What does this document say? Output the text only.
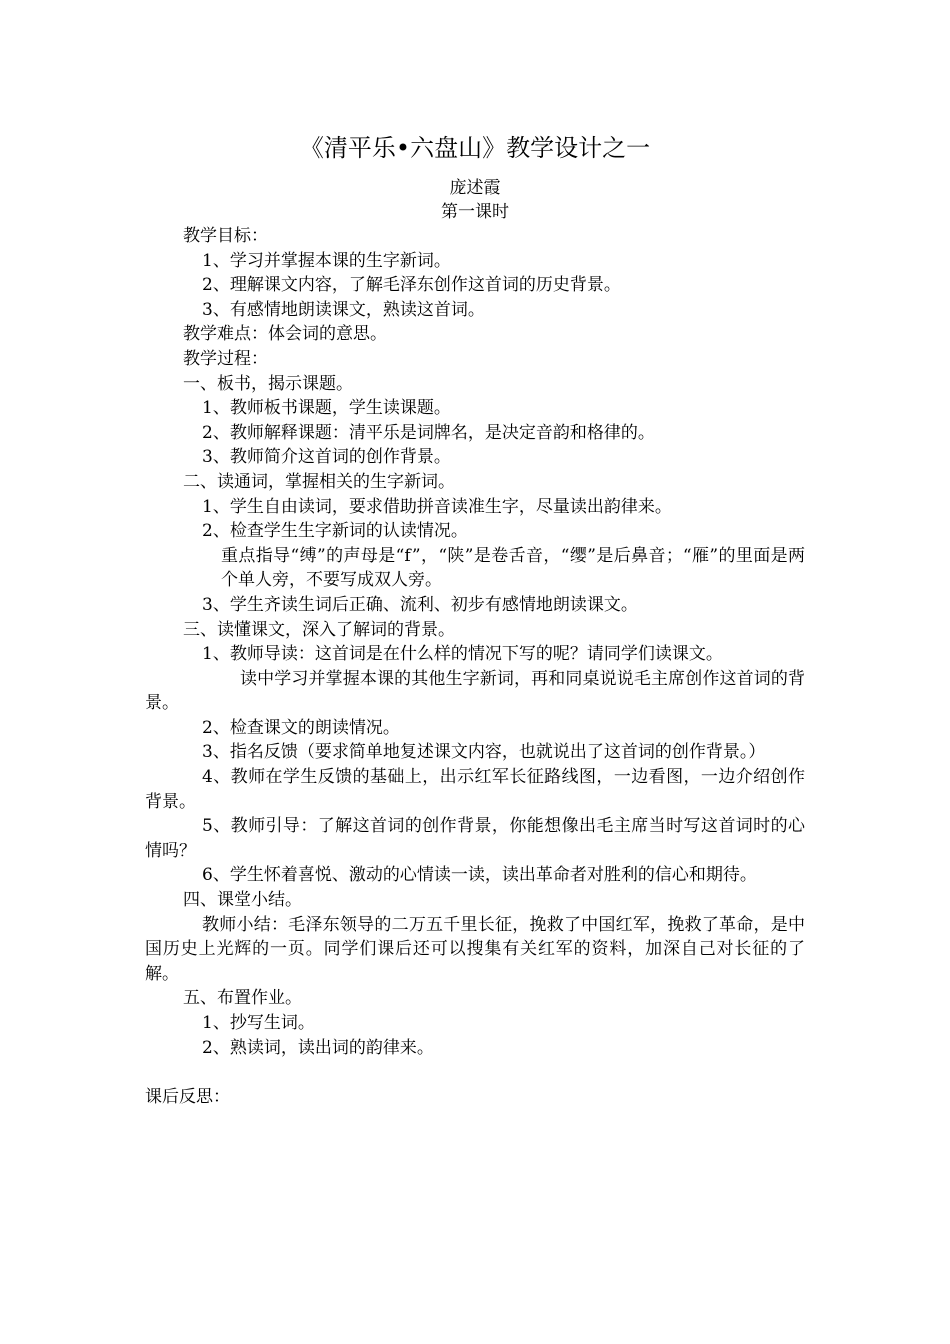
《清平乐•六盘山》教学设计之一
庞述霞
第一课时
教学目标：
1、学习并掌握本课的生字新词。
2、理解课文内容，了解毛泽东创作这首词的历史背景。
3、有感情地朗读课文，熟读这首词。
教学难点：体会词的意思。
教学过程：
一、板书，揭示课题。
1、教师板书课题，学生读课题。
2、教师解释课题：清平乐是词牌名，是决定音韵和格律的。
3、教师简介这首词的创作背景。
二、读通词，掌握相关的生字新词。
1、学生自由读词，要求借助拼音读准生字，尽量读出韵律来。
2、检查学生生字新词的认读情况。
重点指导“缚”的声母是“f”，“陕”是卷舌音，“缨”是后鼻音；“雁”的里面是两个单人旁，不要写成双人旁。
3、学生齐读生词后正确、流利、初步有感情地朗读课文。
三、读懂课文，深入了解词的背景。
1、教师导读：这首词是在什么样的情况下写的呢？请同学们读课文。
读中学习并掌握本课的其他生字新词，再和同桌说说毛主席创作这首词的背景。
2、检查课文的朗读情况。
3、指名反馈（要求简单地复述课文内容，也就说出了这首词的创作背景。）
4、教师在学生反馈的基础上，出示红军长征路线图，一边看图，一边介绍创作背景。
5、教师引导：了解这首词的创作背景，你能想像出毛主席当时写这首词时的心情吗？
6、学生怀着喜悦、激动的心情读一读，读出革命者对胜利的信心和期待。
四、课堂小结。
教师小结：毛泽东领导的二万五千里长征，挽救了中国红军，挽救了革命，是中国历史上光辉的一页。同学们课后还可以搜集有关红军的资料，加深自己对长征的了解。
五、布置作业。
1、抄写生词。
2、熟读词，读出词的韵律来。
课后反思：
